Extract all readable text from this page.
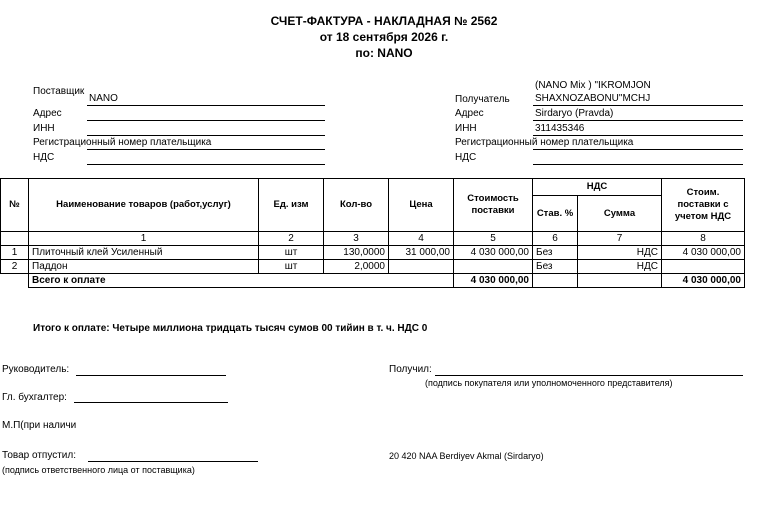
СЧЕТ-ФАКТУРА - НАКЛАДНАЯ № 2562
от 18 сентября 2026 г.
по: NANO
Поставщик
NANO
Адрес
ИНН
Регистрационный номер плательщика
НДС
(NANO Mix ) "IKROMJON
Получатель	SHAXNOZABONU"MCHJ
Адрес	Sirdaryo (Pravda)
ИНН	311435346
Регистрационный номер плательщика
НДС
№	Наименование товаров (работ,услуг)	Ед. изм	Кол-во	Цена	Стоимость поставки	НДС		Стоим. поставки с учетом НДС
						Став. %	Сумма	
	1	2	3	4	5	6	7	8
1	Плиточный клей Усиленный	шт	130,0000	31 000,00	4 030 000,00	Без	НДС	4 030 000,00
2	Паддон	шт	2,0000			Без	НДС	
	Всего к оплате				4 030 000,00			4 030 000,00
Итого к оплате: Четыре миллиона тридцать тысяч сумов 00 тийин в т. ч. НДС 0
Руководитель:	Получил:
(подпись покупателя или уполномоченного представителя)
Гл. бухгалтер:
М.П(при наличи
Товар отпустил:
(подпись ответственного лица от поставщика)
20 420 NAA Berdiyev Akmal (Sirdaryo)
